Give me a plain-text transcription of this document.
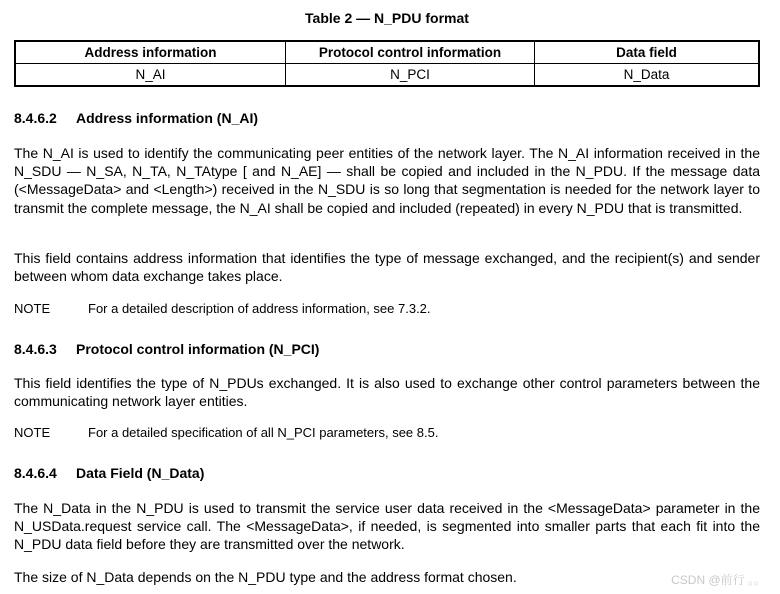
Table 2 — N_PDU format
Address information	Protocol control information	Data field
N_AI	N_PCI	N_Data
8.4.6.2 Address information (N_AI)

The N_AI is used to identify the communicating peer entities of the network layer. The N_AI information received in the N_SDU — N_SA, N_TA, N_TAtype [ and N_AE] — shall be copied and included in the N_PDU. If the message data (<MessageData> and <Length>) received in the N_SDU is so long that segmentation is needed for the network layer to transmit the complete message, the N_AI shall be copied and included (repeated) in every N_PDU that is transmitted.

This field contains address information that identifies the type of message exchanged, and the recipient(s) and sender between whom data exchange takes place.

NOTE	For a detailed description of address information, see 7.3.2.
8.4.6.3 Protocol control information (N_PCI)

This field identifies the type of N_PDUs exchanged. It is also used to exchange other control parameters between the communicating network layer entities.

NOTE	For a detailed specification of all N_PCI parameters, see 8.5.
8.4.6.4 Data Field (N_Data)

The N_Data in the N_PDU is used to transmit the service user data received in the <MessageData> parameter in the N_USData.request service call. The <MessageData>, if needed, is segmented into smaller parts that each fit into the N_PDU data field before they are transmitted over the network.

The size of N_Data depends on the N_PDU type and the address format chosen.	CSDN @前行 。。
